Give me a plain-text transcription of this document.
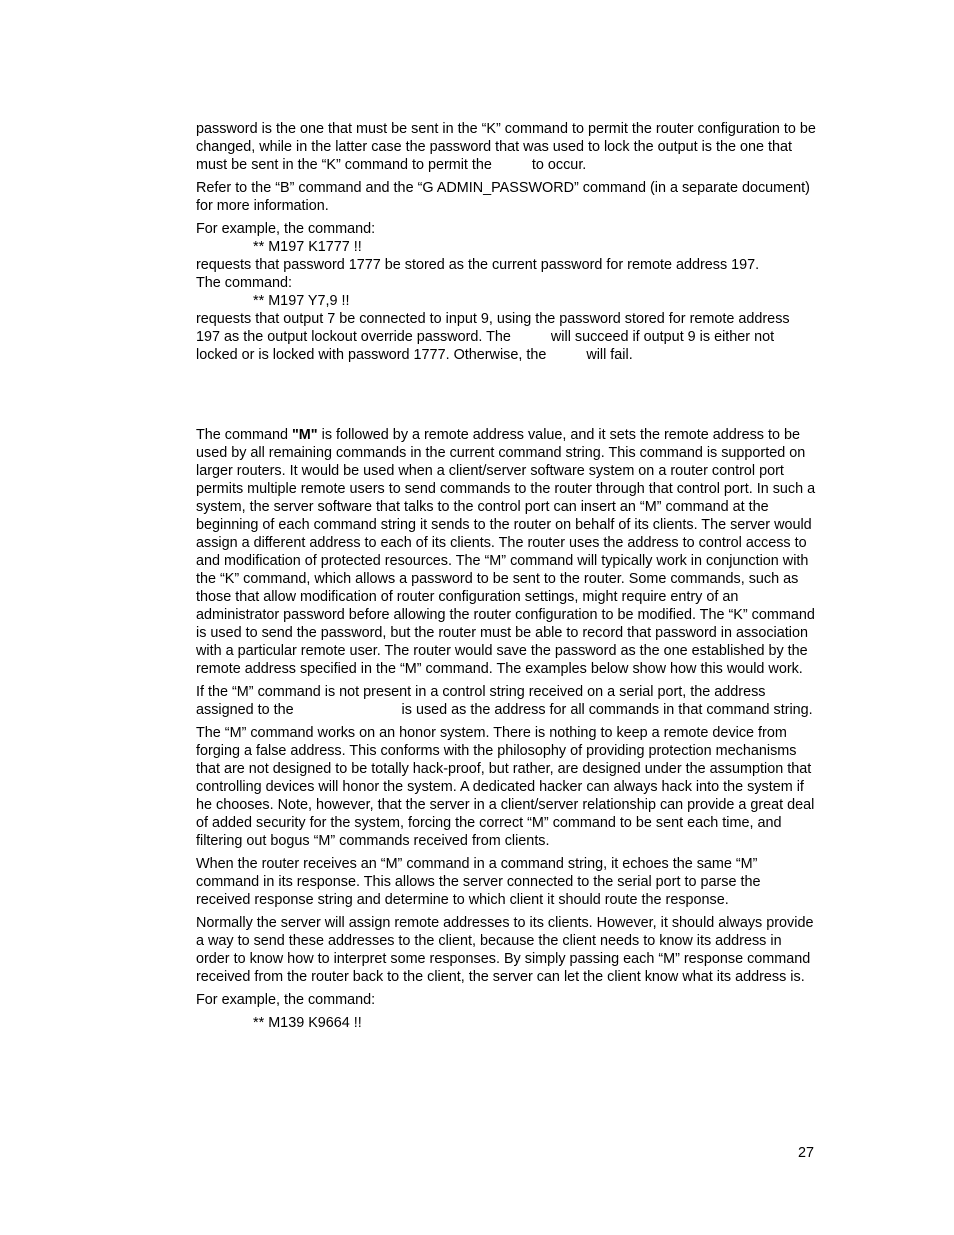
password is the one that must be sent in the “K” command to permit the router configuration to be changed, while in the latter case the password that was used to lock the output is the one that must be sent in the “K” command to permit the          to occur.

Refer to the “B” command and the “G ADMIN_PASSWORD” command (in a separate document) for more information.

For example, the command:

** M197 K1777 !!

requests that password 1777 be stored as the current password for remote address 197.

The command:

** M197 Y7,9 !!

requests that output 7 be connected to input 9, using the password stored for remote address 197 as the output lockout override password. The          will succeed if output 9 is either not locked or is locked with password 1777. Otherwise, the          will fail.

The command "M" is followed by a remote address value, and it sets the remote address to be used by all remaining commands in the current command string. This command is supported on larger routers. It would be used when a client/server software system on a router control port permits multiple remote users to send commands to the router through that control port. In such a system, the server software that talks to the control port can insert an “M” command at the beginning of each command string it sends to the router on behalf of its clients. The server would assign a different address to each of its clients. The router uses the address to control access to and modification of protected resources. The “M” command will typically work in conjunction with the “K” command, which allows a password to be sent to the router. Some commands, such as those that allow modification of router configuration settings, might require entry of an administrator password before allowing the router configuration to be modified. The “K” command is used to send the password, but the router must be able to record that password in association with a particular remote user. The router would save the password as the one established by the remote address specified in the “M” command. The examples below show how this would work.

If the “M” command is not present in a control string received on a serial port, the address assigned to the                           is used as the address for all commands in that command string.

The “M” command works on an honor system. There is nothing to keep a remote device from forging a false address. This conforms with the philosophy of providing protection mechanisms that are not designed to be totally hack-proof, but rather, are designed under the assumption that controlling devices will honor the system. A dedicated hacker can always hack into the system if he chooses. Note, however, that the server in a client/server relationship can provide a great deal of added security for the system, forcing the correct “M” command to be sent each time, and filtering out bogus “M” commands received from clients.

When the router receives an “M” command in a command string, it echoes the same “M” command in its response. This allows the server connected to the serial port to parse the received response string and determine to which client it should route the response.

Normally the server will assign remote addresses to its clients. However, it should always provide a way to send these addresses to the client, because the client needs to know its address in order to know how to interpret some responses. By simply passing each “M” response command received from the router back to the client, the server can let the client know what its address is.

For example, the command:

** M139 K9664 !!

27
